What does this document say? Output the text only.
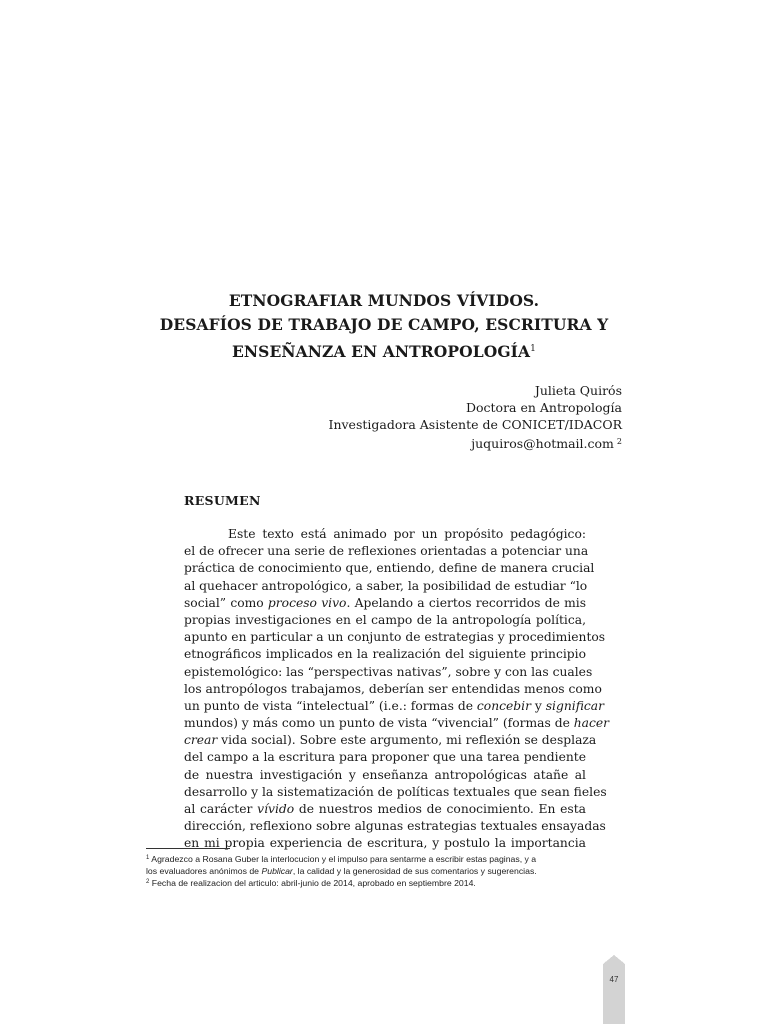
ETNOGRAFIAR MUNDOS VÍVIDOS.
DESAFÍOS DE TRABAJO DE CAMPO, ESCRITURA Y
ENSEÑANZA EN ANTROPOLOGÍA$^1$
Julieta Quirós
Doctora en Antropología
Investigadora Asistente de CONICET/IDACOR
juquiros@hotmail.com $^2$
RESUMEN
Este texto está animado por un propósito pedagógico:
el de ofrecer una serie de reflexiones orientadas a potenciar una
práctica de conocimiento que, entiendo, define de manera crucial
al quehacer antropológico, a saber, la posibilidad de estudiar “lo
social” como proceso vivo. Apelando a ciertos recorridos de mis
propias investigaciones en el campo de la antropología política,
apunto en particular a un conjunto de estrategias y procedimientos
etnográficos implicados en la realización del siguiente principio
epistemológico: las “perspectivas nativas”, sobre y con las cuales
los antropólogos trabajamos, deberían ser entendidas menos como
un punto de vista “intelectual” (i.e.: formas de concebir y significar
mundos) y más como un punto de vista “vivencial” (formas de hacer
crear vida social). Sobre este argumento, mi reflexión se desplaza
del campo a la escritura para proponer que una tarea pendiente
de nuestra investigación y enseñanza antropológicas atañe al
desarrollo y la sistematización de políticas textuales que sean fieles
al carácter vívido de nuestros medios de conocimiento. En esta
dirección, reflexiono sobre algunas estrategias textuales ensayadas
en mi propia experiencia de escritura, y postulo la importancia
$^1$ Agradezco a Rosana Guber la interlocucion y el impulso para sentarme a escribir estas paginas, y a
los evaluadores anónimos de Publicar, la calidad y la generosidad de sus comentarios y sugerencias.
$^2$ Fecha de realizacion del articulo: abril-junio de 2014, aprobado en septiembre 2014.
47
